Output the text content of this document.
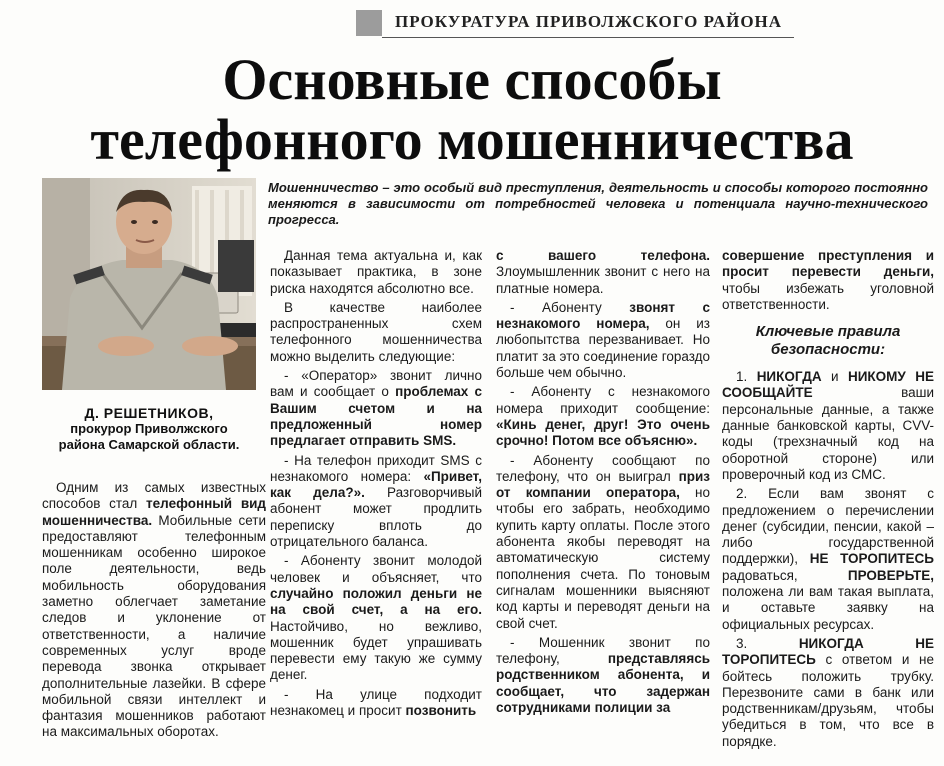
ПРОКУРАТУРА ПРИВОЛЖСКОГО РАЙОНА
Основные способы
телефонного мошенничества
Д. РЕШЕТНИКОВ,
прокурор Приволжского
района Самарской области.

Мошенничество – это особый вид преступления, деятельность и способы которого постоянно меняются в зависимости от потребностей человека и потенциала научно-технического прогресса.

Одним из самых известных способов стал телефонный вид мошенничества. Мобильные сети предоставляют телефонным мошенникам особенно широкое поле деятельности, ведь мобильность оборудования заметно облегчает заметание следов и уклонение от ответственности, а наличие современных услуг вроде перевода звонка открывает дополнительные лазейки. В сфере мобильной связи интеллект и фантазия мошенников работают на максимальных оборотах.

Данная тема актуальна и, как показывает практика, в зоне риска находятся абсолютно все.

В качестве наиболее распространенных схем телефонного мошенничества можно выделить следующие:

- «Оператор» звонит лично вам и сообщает о проблемах с Вашим счетом и на предложенный номер предлагает отправить SMS.

- На телефон приходит SMS с незнакомого номера: «Привет, как дела?». Разговорчивый абонент может продлить переписку вплоть до отрицательного баланса.

- Абоненту звонит молодой человек и объясняет, что случайно положил деньги не на свой счет, а на его. Настойчиво, но вежливо, мошенник будет упрашивать перевести ему такую же сумму денег.

- На улице подходит незнакомец и просит позвонить

с вашего телефона. Злоумышленник звонит с него на платные номера.

- Абоненту звонят с незнакомого номера, он из любопытства перезванивает. Но платит за это соединение гораздо больше чем обычно.

- Абоненту с незнакомого номера приходит сообщение: «Кинь денег, друг! Это очень срочно! Потом все объясню».

- Абоненту сообщают по телефону, что он выиграл приз от компании оператора, но чтобы его забрать, необходимо купить карту оплаты. После этого абонента якобы переводят на автоматическую систему пополнения счета. По тоновым сигналам мошенники выясняют код карты и переводят деньги на свой счет.

- Мошенник звонит по телефону, представляясь родственником абонента, и сообщает, что задержан сотрудниками полиции за

совершение преступления и просит перевести деньги, чтобы избежать уголовной ответственности.

Ключевые правила безопасности:

1. НИКОГДА и НИКОМУ НЕ СООБЩАЙТЕ ваши персональные данные, а также данные банковской карты, CVV-коды (трехзначный код на оборотной стороне) или проверочный код из СМС.

2. Если вам звонят с предложением о перечислении денег (субсидии, пенсии, какой – либо государственной поддержки), НЕ ТОРОПИТЕСЬ радоваться, ПРОВЕРЬТЕ, положена ли вам такая выплата, и оставьте заявку на официальных ресурсах.

3. НИКОГДА НЕ ТОРОПИТЕСЬ с ответом и не бойтесь положить трубку. Перезвоните сами в банк или родственникам/друзьям, чтобы убедиться в том, что все в порядке.
